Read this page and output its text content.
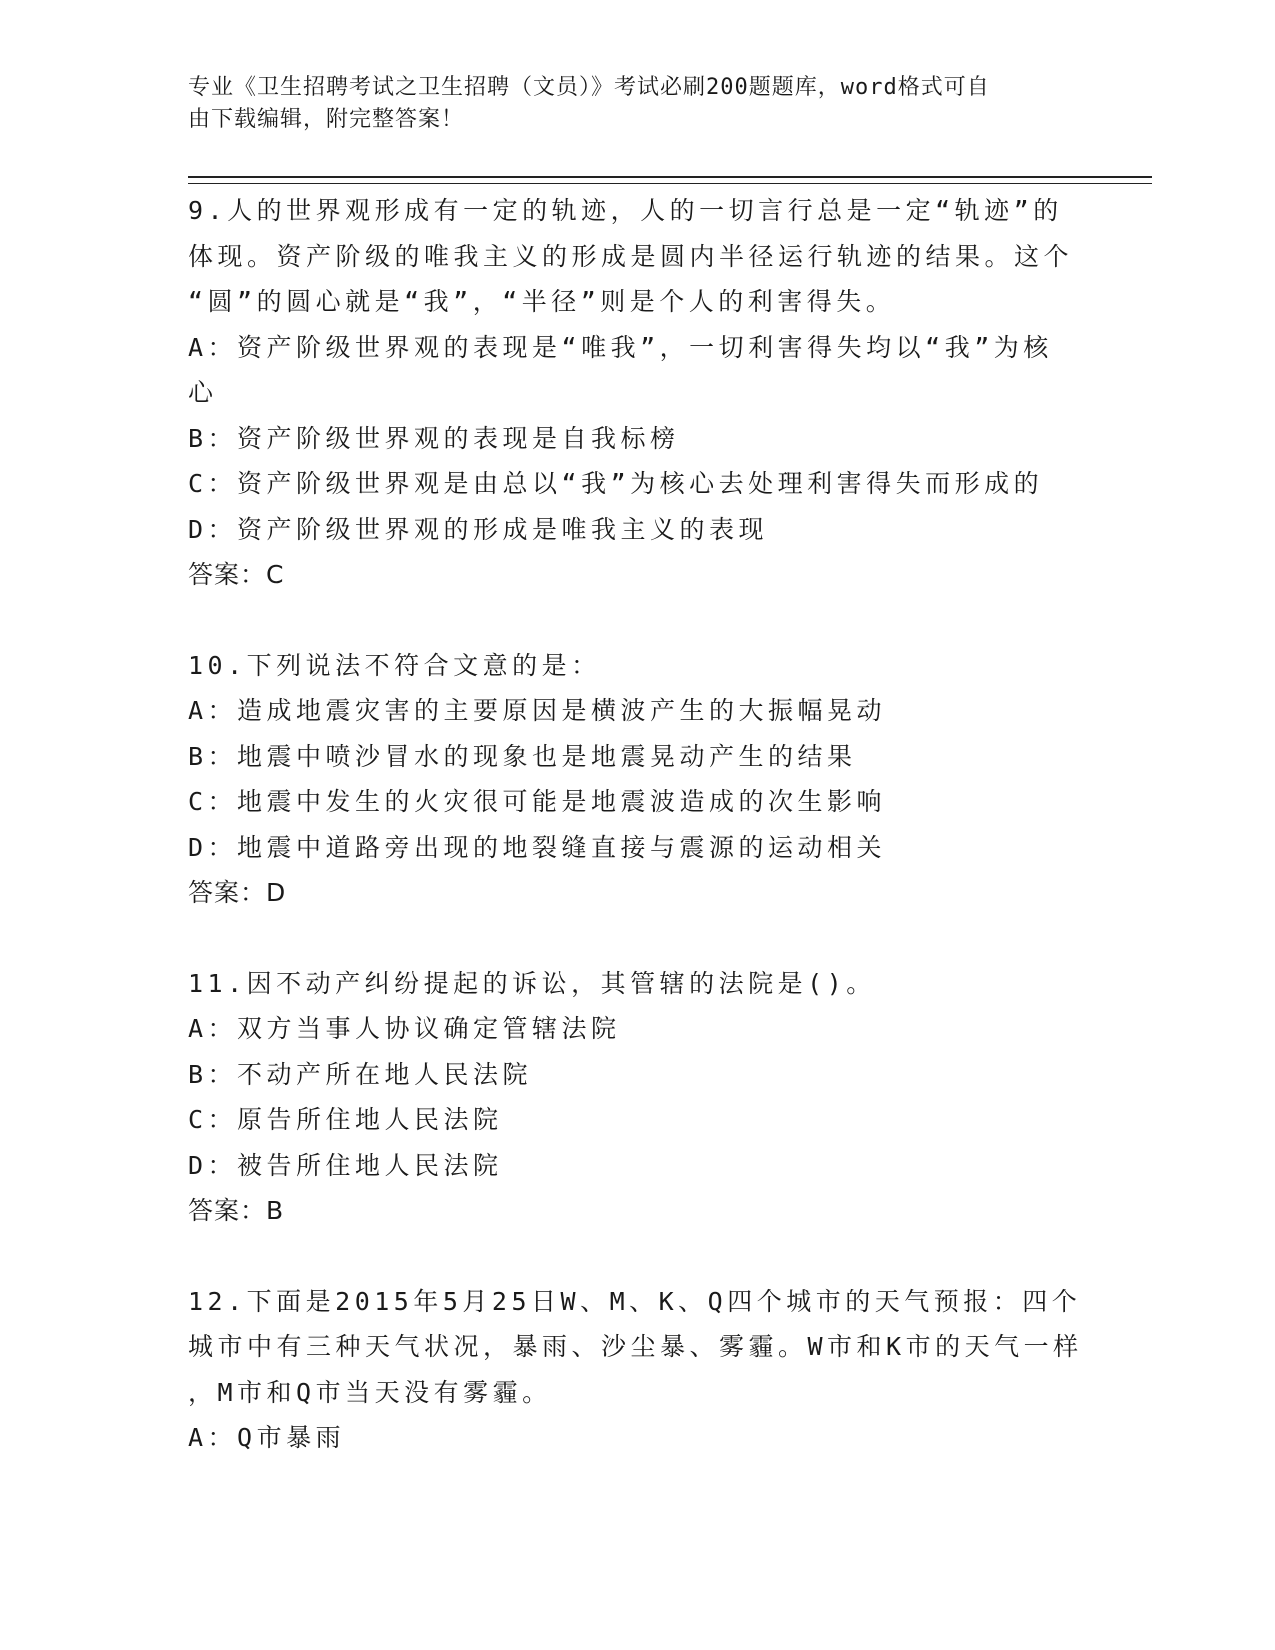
专业《卫生招聘考试之卫生招聘（文员）》考试必刷200题题库，word格式可自
由下载编辑，附完整答案！
9.人的世界观形成有一定的轨迹，人的一切言行总是一定“轨迹”的
体现。资产阶级的唯我主义的形成是圆内半径运行轨迹的结果。这个
“圆”的圆心就是“我”，“半径”则是个人的利害得失。
A：资产阶级世界观的表现是“唯我”，一切利害得失均以“我”为核
心
B：资产阶级世界观的表现是自我标榜
C：资产阶级世界观是由总以“我”为核心去处理利害得失而形成的
D：资产阶级世界观的形成是唯我主义的表现
答案：C
10.下列说法不符合文意的是：
A：造成地震灾害的主要原因是横波产生的大振幅晃动
B：地震中喷沙冒水的现象也是地震晃动产生的结果
C：地震中发生的火灾很可能是地震波造成的次生影响
D：地震中道路旁出现的地裂缝直接与震源的运动相关
答案：D
11.因不动产纠纷提起的诉讼，其管辖的法院是()。
A：双方当事人协议确定管辖法院
B：不动产所在地人民法院
C：原告所住地人民法院
D：被告所住地人民法院
答案：B
12.下面是2015年5月25日W、M、K、Q四个城市的天气预报：四个
城市中有三种天气状况，暴雨、沙尘暴、雾霾。W市和K市的天气一样
，M市和Q市当天没有雾霾。
A：Q市暴雨
